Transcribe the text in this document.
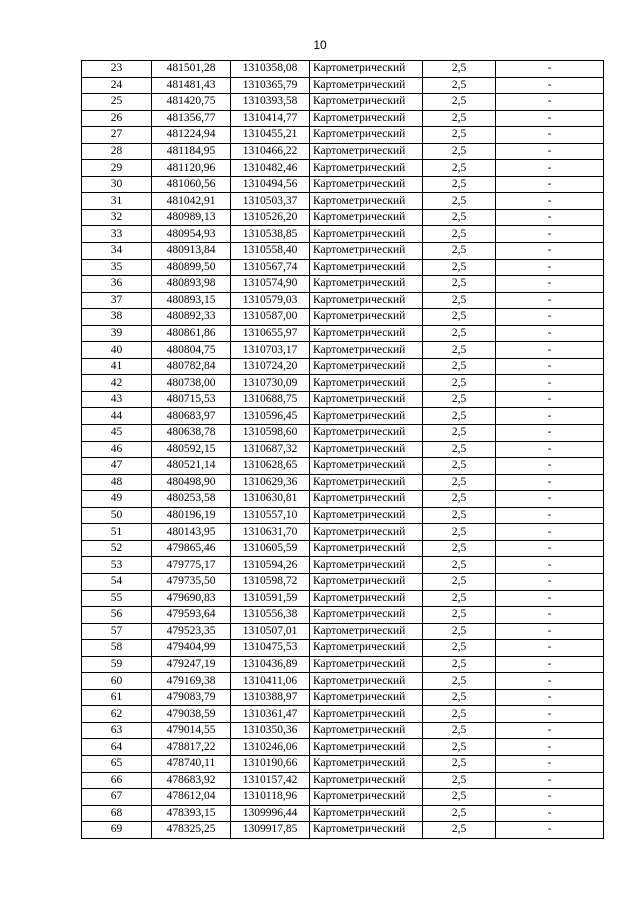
10
23	481501,28	1310358,08	Картометрический	2,5	-
24	481481,43	1310365,79	Картометрический	2,5	-
25	481420,75	1310393,58	Картометрический	2,5	-
26	481356,77	1310414,77	Картометрический	2,5	-
27	481224,94	1310455,21	Картометрический	2,5	-
28	481184,95	1310466,22	Картометрический	2,5	-
29	481120,96	1310482,46	Картометрический	2,5	-
30	481060,56	1310494,56	Картометрический	2,5	-
31	481042,91	1310503,37	Картометрический	2,5	-
32	480989,13	1310526,20	Картометрический	2,5	-
33	480954,93	1310538,85	Картометрический	2,5	-
34	480913,84	1310558,40	Картометрический	2,5	-
35	480899,50	1310567,74	Картометрический	2,5	-
36	480893,98	1310574,90	Картометрический	2,5	-
37	480893,15	1310579,03	Картометрический	2,5	-
38	480892,33	1310587,00	Картометрический	2,5	-
39	480861,86	1310655,97	Картометрический	2,5	-
40	480804,75	1310703,17	Картометрический	2,5	-
41	480782,84	1310724,20	Картометрический	2,5	-
42	480738,00	1310730,09	Картометрический	2,5	-
43	480715,53	1310688,75	Картометрический	2,5	-
44	480683,97	1310596,45	Картометрический	2,5	-
45	480638,78	1310598,60	Картометрический	2,5	-
46	480592,15	1310687,32	Картометрический	2,5	-
47	480521,14	1310628,65	Картометрический	2,5	-
48	480498,90	1310629,36	Картометрический	2,5	-
49	480253,58	1310630,81	Картометрический	2,5	-
50	480196,19	1310557,10	Картометрический	2,5	-
51	480143,95	1310631,70	Картометрический	2,5	-
52	479865,46	1310605,59	Картометрический	2,5	-
53	479775,17	1310594,26	Картометрический	2,5	-
54	479735,50	1310598,72	Картометрический	2,5	-
55	479690,83	1310591,59	Картометрический	2,5	-
56	479593,64	1310556,38	Картометрический	2,5	-
57	479523,35	1310507,01	Картометрический	2,5	-
58	479404,99	1310475,53	Картометрический	2,5	-
59	479247,19	1310436,89	Картометрический	2,5	-
60	479169,38	1310411,06	Картометрический	2,5	-
61	479083,79	1310388,97	Картометрический	2,5	-
62	479038,59	1310361,47	Картометрический	2,5	-
63	479014,55	1310350,36	Картометрический	2,5	-
64	478817,22	1310246,06	Картометрический	2,5	-
65	478740,11	1310190,66	Картометрический	2,5	-
66	478683,92	1310157,42	Картометрический	2,5	-
67	478612,04	1310118,96	Картометрический	2,5	-
68	478393,15	1309996,44	Картометрический	2,5	-
69	478325,25	1309917,85	Картометрический	2,5	-
